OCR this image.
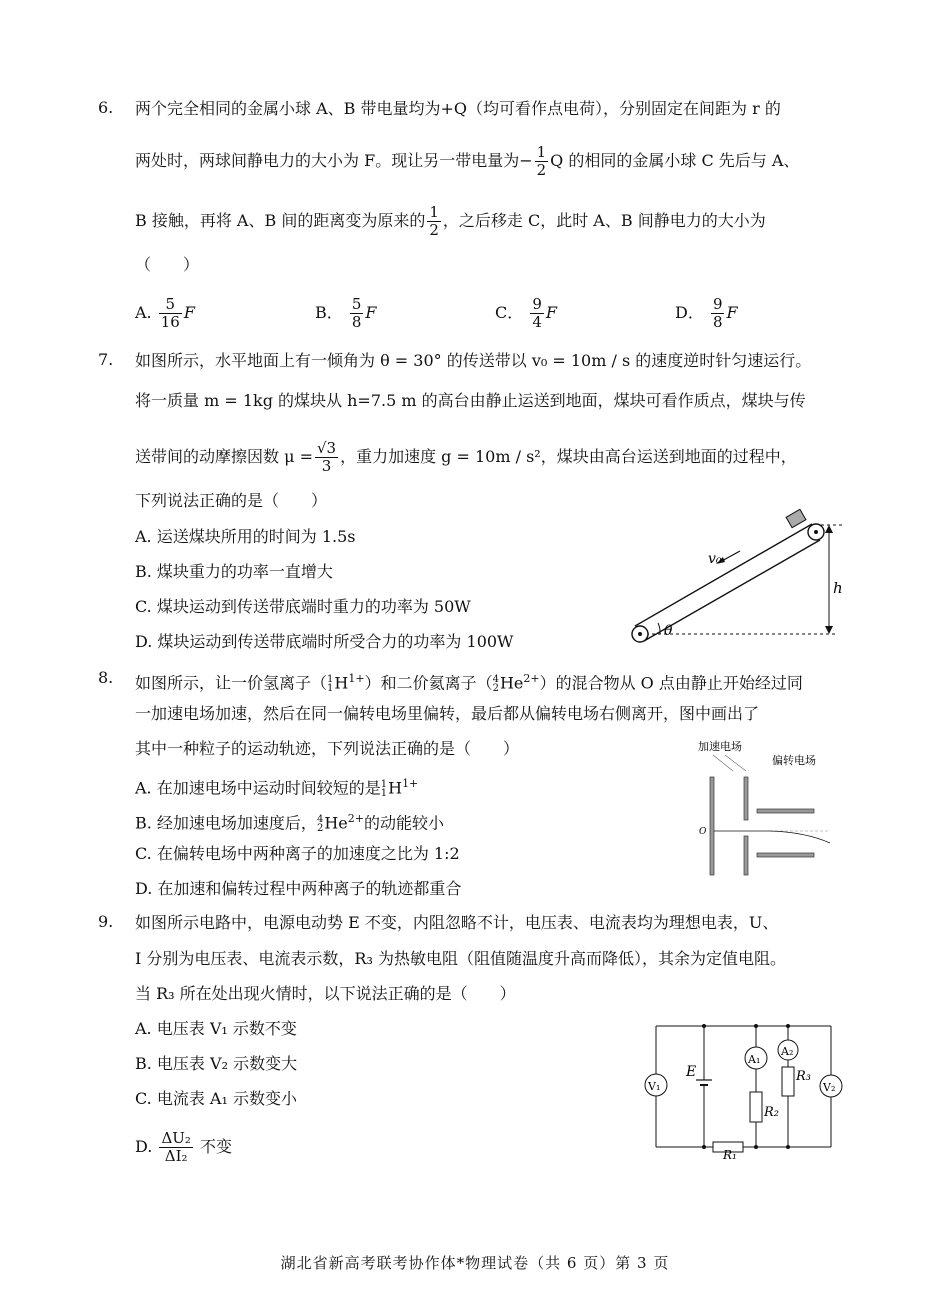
6. 两个完全相同的金属小球 A、B 带电量均为+Q（均可看作点电荷），分别固定在间距为 r 的
两处时，两球间静电力的大小为 F。现让另一带电量为− $\frac{1}{2}$ Q 的相同的金属小球 C 先后与 A、
B 接触，再将 A、B 间的距离变为原来的 $\frac{1}{2}$ ，之后移走 C，此时 A、B 间静电力的大小为
（　　）
A. $\frac{5}{16}$ F	B． $\frac{5}{8}$ F	C． $\frac{9}{4}$ F	D． $\frac{9}{8}$ F
7. 如图所示，水平地面上有一倾角为 θ = 30° 的传送带以 v₀ = 10m / s 的速度逆时针匀速运行。
将一质量 m = 1kg 的煤块从 h=7.5 m 的高台由静止运送到地面，煤块可看作质点，煤块与传
送带间的动摩擦因数 $\mu = \frac{√3}{3}$ ，重力加速度 g = 10m / s²，煤块由高台运送到地面的过程中，
下列说法正确的是（　　）
A. 运送煤块所用的时间为 1.5s
B. 煤块重力的功率一直增大
C. 煤块运动到传送带底端时重力的功率为 50W
D. 煤块运动到传送带底端时所受合力的功率为 100W
v₀
h
θ
8. 如图所示，让一价氢离子（ 1
1 $H^{1+}$）和二价氦离子（ 4
2 $He^{2+}$）的混合物从 O 点由静止开始经过同
一加速电场加速，然后在同一偏转电场里偏转，最后都从偏转电场右侧离开，图中画出了
其中一种粒子的运动轨迹，下列说法正确的是（　　）
A. 在加速电场中运动时间较短的是 1
1 $H^{1+}$
B. 经加速电场加速度后， 4
2 $He^{2+}$的动能较小
C. 在偏转电场中两种离子的加速度之比为 1:2
D. 在加速和偏转过程中两种离子的轨迹都重合
加速电场
偏转电场
O
9. 如图所示电路中，电源电动势 E 不变，内阻忽略不计，电压表、电流表均为理想电表，U、
I 分别为电压表、电流表示数，R₃ 为热敏电阻（阻值随温度升高而降低），其余为定值电阻。
当 R₃ 所在处出现火情时，以下说法正确的是（　　）
A. 电压表 V₁ 示数不变
B. 电压表 V₂ 示数变大
C. 电流表 A₁ 示数变小
D. $\frac{\text{ΔU₂}}{\text{ΔI₂}}$ 不变
V₁
E
A₁
R₂
A₂
R₃
V₂
R₁
湖北省新高考联考协作体*物理试卷（共 6 页）第 3 页
